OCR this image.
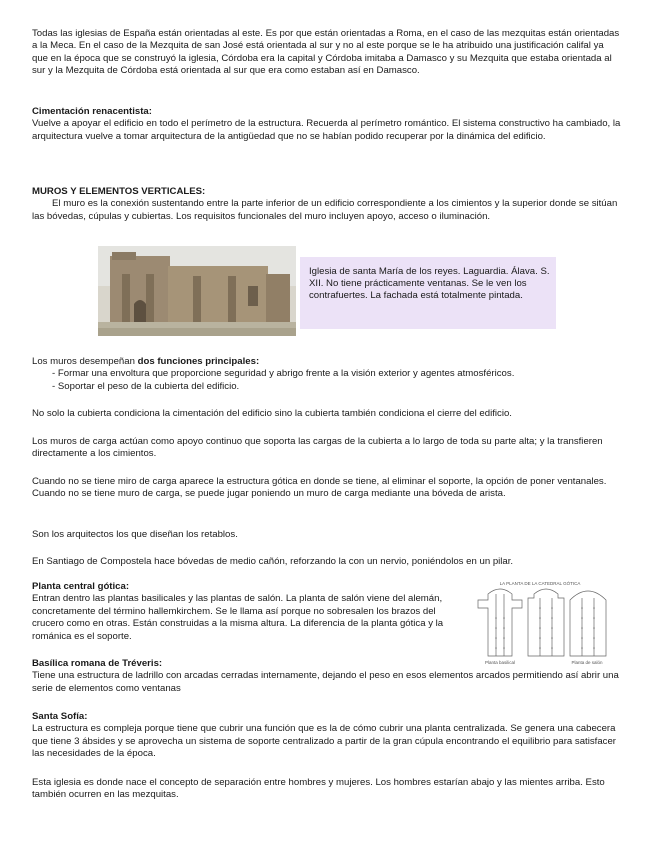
Todas las iglesias de España están orientadas al este. Es por que están orientadas a Roma, en el caso de las mezquitas están orientadas a la Meca. En el caso de la Mezquita de san José está orientada al sur y no al este porque se le ha atribuido una justificación califal ya que en la época que se construyó la iglesia, Córdoba era la capital y Córdoba imitaba a Damasco y su Mezquita que estaba orientada al sur y la Mezquita de Córdoba está orientada al sur que era como estaban así en Damasco.

Cimentación renacentista:
Vuelve a apoyar el edificio en todo el perímetro de la estructura. Recuerda al perímetro romántico. El sistema constructivo ha cambiado, la arquitectura vuelve a tomar arquitectura de la antigüedad que no se habían podido recuperar por la dinámica del edificio.
MUROS Y ELEMENTOS VERTICALES:
El muro es la conexión sustentando entre la parte inferior de un edificio correspondiente a los cimientos y la superior donde se sitúan las bóvedas, cúpulas y cubiertas. Los requisitos funcionales del muro incluyen apoyo, acceso o iluminación.
Iglesia de santa María de los reyes. Laguardia. Álava. S. XII. No tiene prácticamente ventanas. Se le ven los contrafuertes. La fachada está totalmente pintada.
Los muros desempeñan dos funciones principales:
- Formar una envoltura que proporcione seguridad y abrigo frente a la visión exterior y agentes atmosféricos.
- Soportar el peso de la cubierta del edificio.

No solo la cubierta condiciona la cimentación del edificio sino la cubierta también condiciona el cierre del edificio.

Los muros de carga actúan como apoyo continuo que soporta las cargas de la cubierta a lo largo de toda su parte alta; y la transfieren directamente a los cimientos.

Cuando no se tiene miro de carga aparece la estructura gótica en donde se tiene, al eliminar el soporte, la opción de poner ventanales. Cuando no se tiene muro de carga, se puede jugar poniendo un muro de carga mediante una bóveda de arista.

Son los arquitectos los que diseñan los retablos.

En Santiago de Compostela hace bóvedas de medio cañón, reforzando la con un nervio, poniéndolos en un pilar.

Planta central gótica:
Entran dentro las plantas basilicales y las plantas de salón. La planta de salón viene del alemán, concretamente del término hallemkirchem. Se le llama así porque no sobresalen los brazos del crucero como en otras. Están construidas a la misma altura. La diferencia de la planta gótica y la románica es el soporte.
LA PLANTA DE LA CATEDRAL GÓTICA
Planta basilical	Planta de salón
Basílica romana de Tréveris:
Tiene una estructura de ladrillo con arcadas cerradas internamente, dejando el peso en esos elementos arcados permitiendo así abrir una serie de elementos como ventanas
Santa Sofía:
La estructura es compleja porque tiene que cubrir una función que es la de cómo cubrir una planta centralizada. Se genera una cabecera que tiene 3 ábsides y se aprovecha un sistema de soporte centralizado a partir de la gran cúpula encontrando el equilibrio para satisfacer las necesidades de la época.

Esta iglesia es donde nace el concepto de separación entre hombres y mujeres. Los hombres estarían abajo y las mientes arriba. Esto también ocurren en las mezquitas.
